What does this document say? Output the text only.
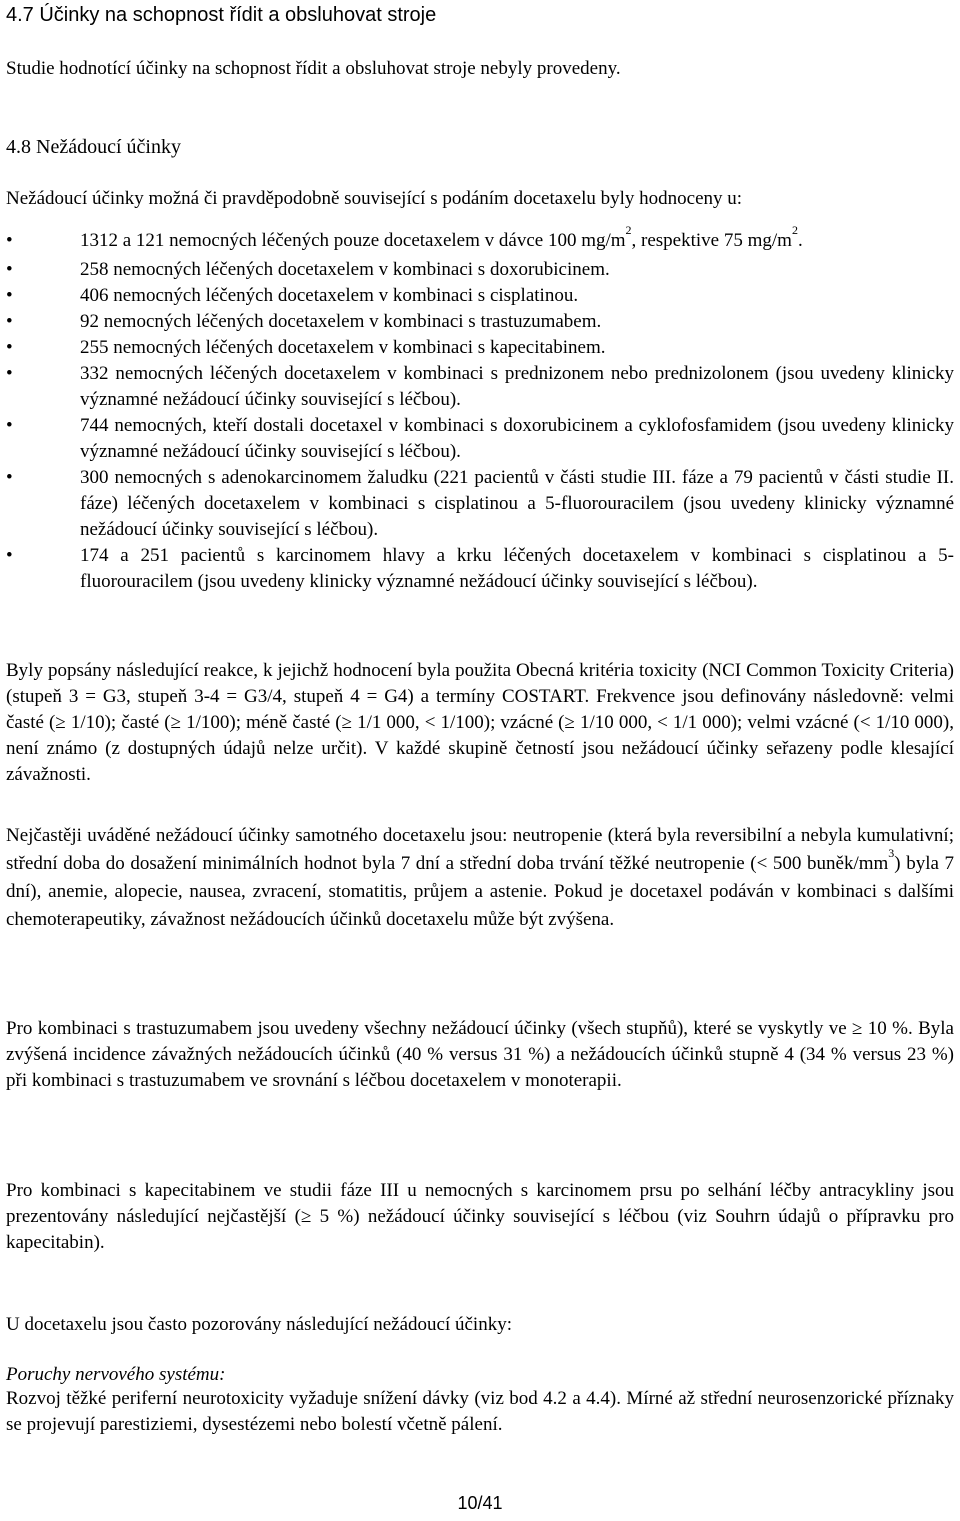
4.7 Účinky na schopnost řídit a obsluhovat stroje

Studie hodnotící účinky na schopnost řídit a obsluhovat stroje nebyly provedeny.

4.8 Nežádoucí účinky

Nežádoucí účinky možná či pravděpodobně související s podáním docetaxelu byly hodnoceny u:

•	1312 a 121 nemocných léčených pouze docetaxelem v dávce 100 $mg/m^2$, respektive 75 $mg/m^2$.
•	258 nemocných léčených docetaxelem v kombinaci s doxorubicinem.
•	406 nemocných léčených docetaxelem v kombinaci s cisplatinou.
•	92 nemocných léčených docetaxelem v kombinaci s trastuzumabem.
•	255 nemocných léčených docetaxelem v kombinaci s kapecitabinem.
•	332 nemocných léčených docetaxelem v kombinaci s prednizonem nebo prednizolonem (jsou uvedeny klinicky významné nežádoucí účinky související s léčbou).
•	744 nemocných, kteří dostali docetaxel v kombinaci s doxorubicinem a cyklofosfamidem (jsou uvedeny klinicky významné nežádoucí účinky související s léčbou).
•	300 nemocných s adenokarcinomem žaludku (221 pacientů v části studie III. fáze a 79 pacientů v části studie II. fáze) léčených docetaxelem v kombinaci s cisplatinou a 5-fluorouracilem (jsou uvedeny klinicky významné nežádoucí účinky související s léčbou).
•	174 a 251 pacientů s karcinomem hlavy a krku léčených docetaxelem v kombinaci s cisplatinou a 5-fluorouracilem (jsou uvedeny klinicky významné nežádoucí účinky související s léčbou).

Byly popsány následující reakce, k jejichž hodnocení byla použita Obecná kritéria toxicity (NCI Common Toxicity Criteria) (stupeň 3 = G3, stupeň 3-4 = G3/4, stupeň 4 = G4) a termíny COSTART. Frekvence jsou definovány následovně: velmi časté (≥ 1/10); časté (≥ 1/100); méně časté (≥ 1/1 000, < 1/100); vzácné (≥ 1/10 000, < 1/1 000); velmi vzácné (< 1/10 000), není známo (z dostupných údajů nelze určit). V každé skupině četností jsou nežádoucí účinky seřazeny podle klesající závažnosti.

Nejčastěji uváděné nežádoucí účinky samotného docetaxelu jsou: neutropenie (která byla reversibilní a nebyla kumulativní; střední doba do dosažení minimálních hodnot byla 7 dní a střední doba trvání těžké neutropenie (< 500 buněk/$mm^3$) byla 7 dní), anemie, alopecie, nausea, zvracení, stomatitis, průjem a astenie. Pokud je docetaxel podáván v kombinaci s dalšími chemoterapeutiky, závažnost nežádoucích účinků docetaxelu může být zvýšena.

Pro kombinaci s trastuzumabem jsou uvedeny všechny nežádoucí účinky (všech stupňů), které se vyskytly ve ≥ 10 %. Byla zvýšená incidence závažných nežádoucích účinků (40 % versus 31 %) a nežádoucích účinků stupně 4 (34 % versus 23 %) při kombinaci s trastuzumabem ve srovnání s léčbou docetaxelem v monoterapii.

Pro kombinaci s kapecitabinem ve studii fáze III u nemocných s karcinomem prsu po selhání léčby antracykliny jsou prezentovány následující nejčastější (≥ 5 %) nežádoucí účinky související s léčbou (viz Souhrn údajů o přípravku pro kapecitabin).

U docetaxelu jsou často pozorovány následující nežádoucí účinky:

Poruchy nervového systému:

Rozvoj těžké periferní neurotoxicity vyžaduje snížení dávky (viz bod 4.2 a 4.4). Mírné až střední neurosenzorické příznaky se projevují parestiziemi, dysestézemi nebo bolestí včetně pálení.

10/41
